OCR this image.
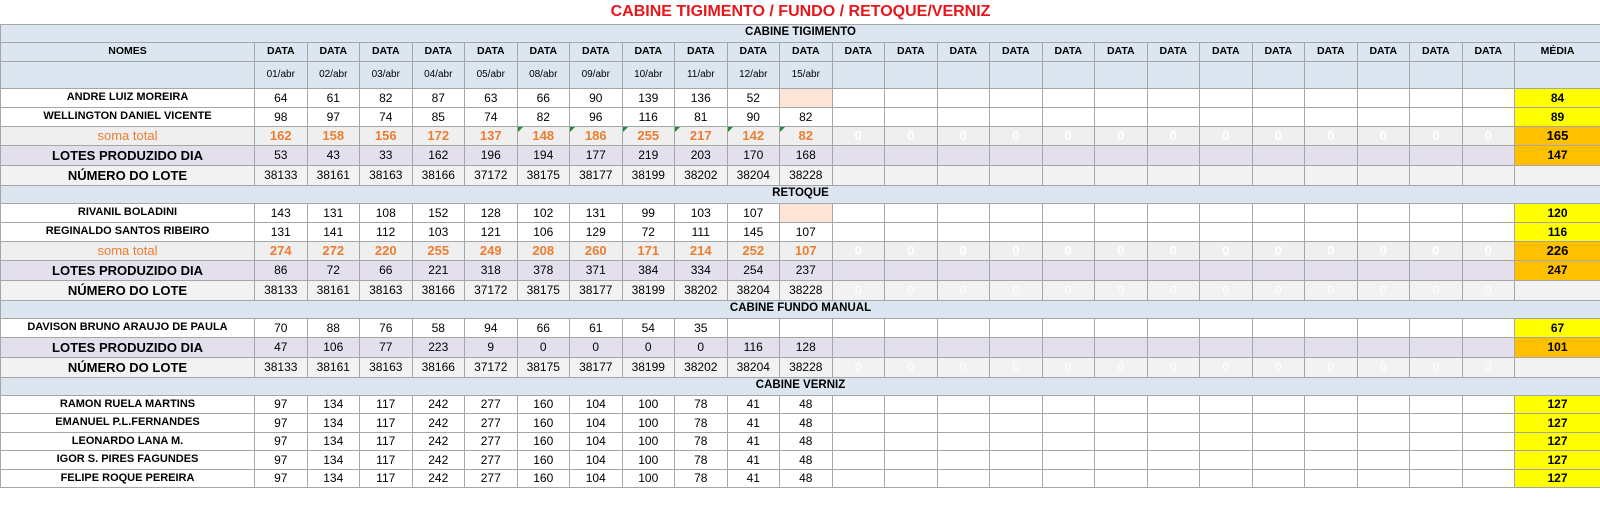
CABINE TIGIMENTO / FUNDO / RETOQUE/VERNIZ																									
CABINE TIGIMENTO																									
NOMES	DATA	DATA	DATA	DATA	DATA	DATA	DATA	DATA	DATA	DATA	DATA	DATA	DATA	DATA	DATA	DATA	DATA	DATA	DATA	DATA	DATA	DATA	DATA	DATA	MÉDIA
	01/abr	02/abr	03/abr	04/abr	05/abr	08/abr	09/abr	10/abr	11/abr	12/abr	15/abr														
ANDRE LUIZ MOREIRA	64	61	82	87	63	66	90	139	136	52															84
WELLINGTON DANIEL VICENTE	98	97	74	85	74	82	96	116	81	90	82														89
soma total	162	158	156	172	137	148	186	255	217	142	82	0	0	0	0	0	0	0	0	0	0	0	0	0	165
LOTES PRODUZIDO DIA	53	43	33	162	196	194	177	219	203	170	168														147
NÚMERO DO LOTE	38133	38161	38163	38166	37172	38175	38177	38199	38202	38204	38228														
RETOQUE																									
RIVANIL BOLADINI	143	131	108	152	128	102	131	99	103	107															120
REGINALDO SANTOS RIBEIRO	131	141	112	103	121	106	129	72	111	145	107														116
soma total	274	272	220	255	249	208	260	171	214	252	107	0	0	0	0	0	0	0	0	0	0	0	0	0	226
LOTES PRODUZIDO DIA	86	72	66	221	318	378	371	384	334	254	237														247
NÚMERO DO LOTE	38133	38161	38163	38166	37172	38175	38177	38199	38202	38204	38228	0	0	0	0	0	0	0	0	0	0	0	0	0	
CABINE FUNDO MANUAL																									
DAVISON BRUNO ARAUJO DE PAULA	70	88	76	58	94	66	61	54	35																67
LOTES PRODUZIDO DIA	47	106	77	223	9	0	0	0	0	116	128														101
NÚMERO DO LOTE	38133	38161	38163	38166	37172	38175	38177	38199	38202	38204	38228	0	0	0	0	0	0	0	0	0	0	0	0	0	
CABINE VERNIZ																									
RAMON RUELA MARTINS	97	134	117	242	277	160	104	100	78	41	48														127
EMANUEL P.L.FERNANDES	97	134	117	242	277	160	104	100	78	41	48														127
LEONARDO LANA M.	97	134	117	242	277	160	104	100	78	41	48														127
IGOR S. PIRES FAGUNDES	97	134	117	242	277	160	104	100	78	41	48														127
FELIPE ROQUE PEREIRA	97	134	117	242	277	160	104	100	78	41	48														127
